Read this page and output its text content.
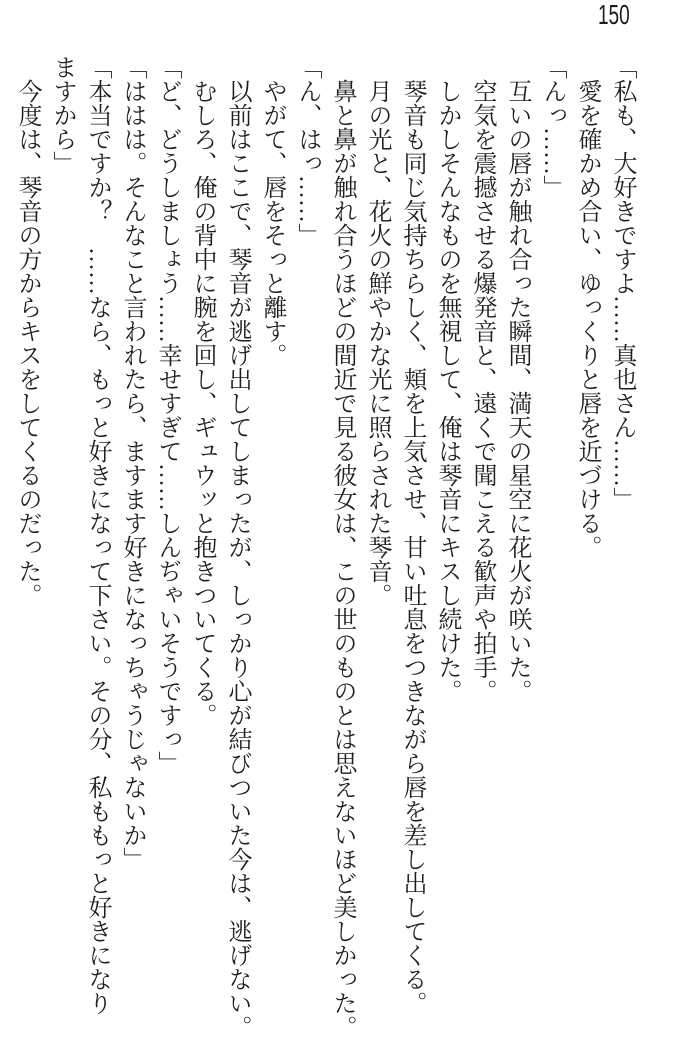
150

「私も、大好きですよ……真也さん……」

愛を確かめ合い、ゆっくりと唇を近づける。

「んっ……」

互いの唇が触れ合った瞬間、満天の星空に花火が咲いた。

空気を震撼させる爆発音と、遠くで聞こえる歓声や拍手。

しかしそんなものを無視して、俺は琴音にキスし続けた。

琴音も同じ気持ちらしく、頬を上気させ、甘い吐息をつきながら唇を差し出してくる。

月の光と、花火の鮮やかな光に照らされた琴音。

鼻と鼻が触れ合うほどの間近で見る彼女は、この世のものとは思えないほど美しかった。

「ん、はっ……」

やがて、唇をそっと離す。

以前はここで、琴音が逃げ出してしまったが、しっかり心が結びついた今は、逃げない。

むしろ、俺の背中に腕を回し、ギュウッと抱きついてくる。

「ど、どうしましょう……幸せすぎて……しんぢゃいそうですっ」

「ははは。そんなこと言われたら、ますます好きになっちゃうじゃないか」

「本当ですか？　……なら、もっと好きになって下さい。その分、私ももっと好きになりますから」

今度は、琴音の方からキスをしてくるのだった。
